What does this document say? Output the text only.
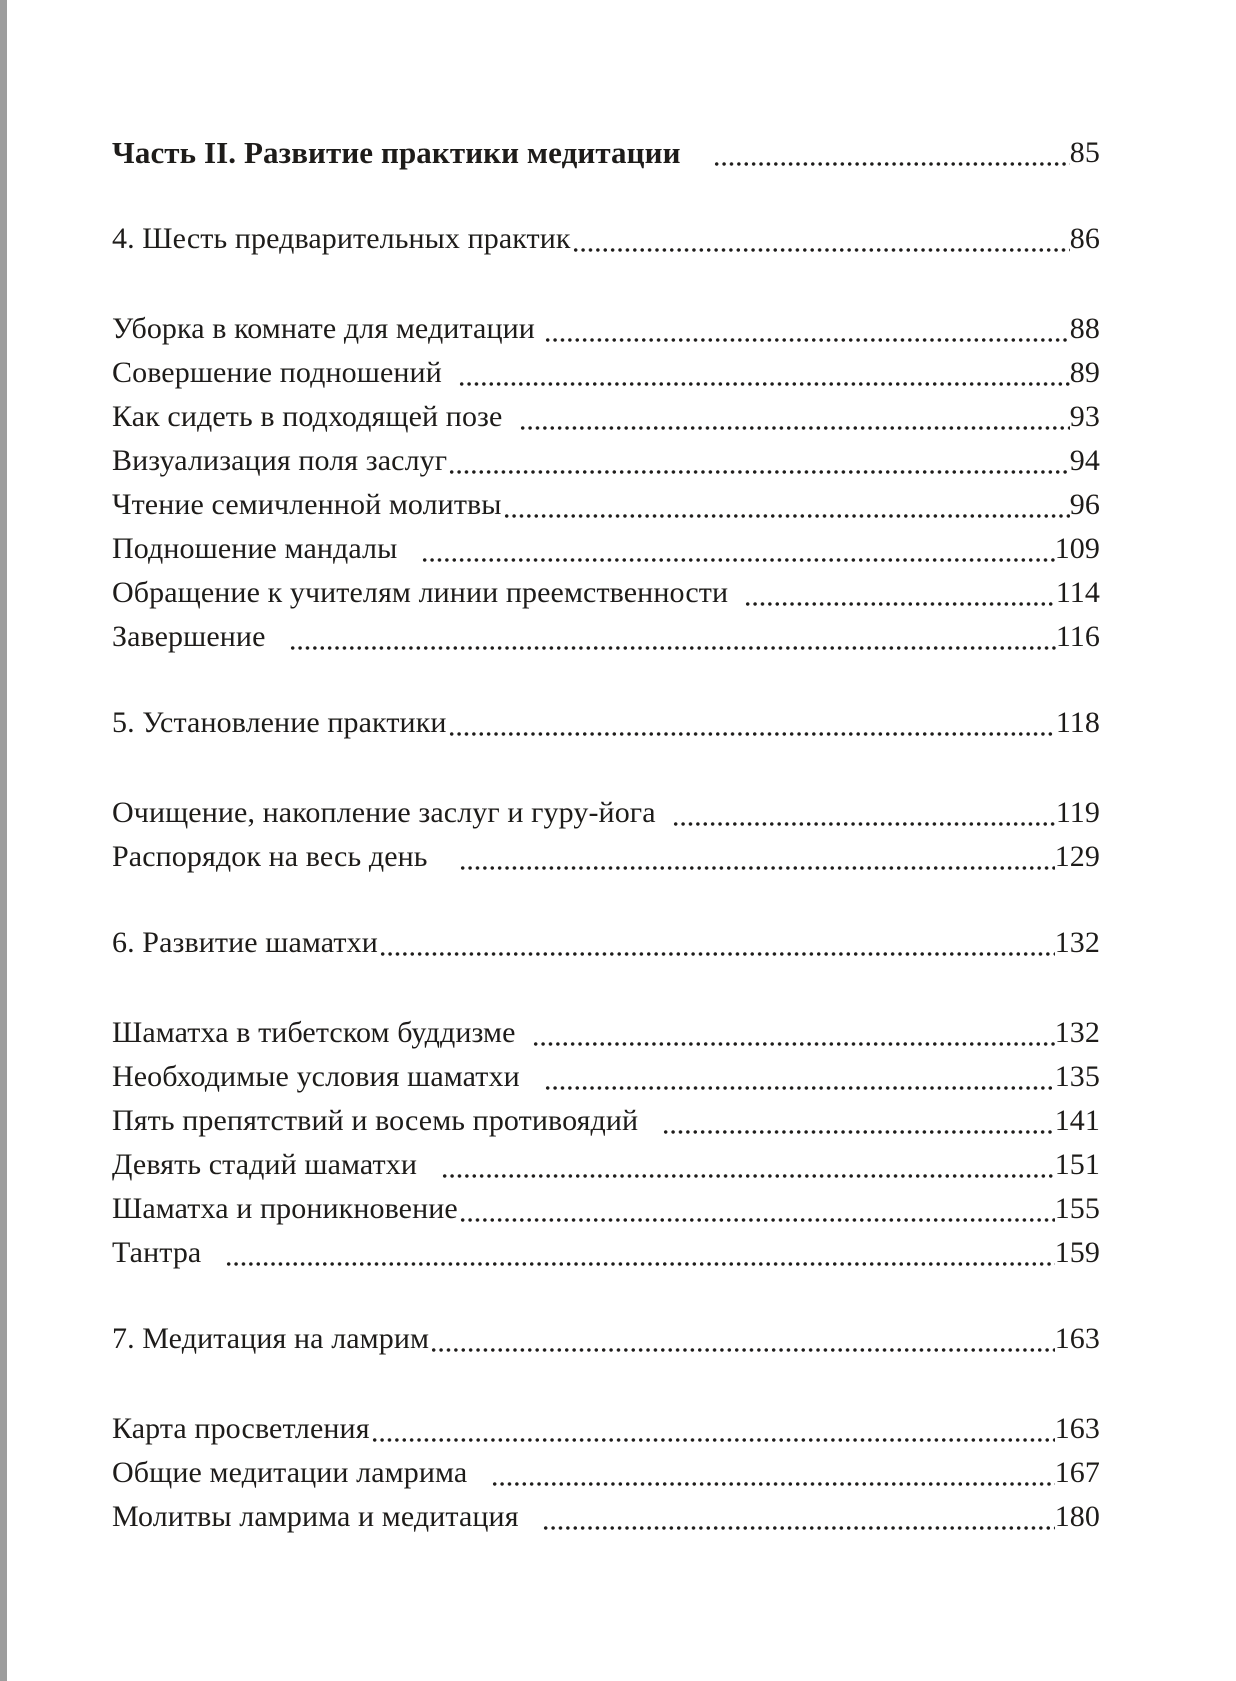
Часть II. Развитие практики медитации	85
4. Шесть предварительных практик	86
Уборка в комнате для медитации	88
Совершение подношений	89
Как сидеть в подходящей позе	93
Визуализация поля заслуг	94
Чтение семичленной молитвы	96
Подношение мандалы	109
Обращение к учителям линии преемственности	114
Завершение	116
5. Установление практики	118
Очищение, накопление заслуг и гуру-йога	119
Распорядок на весь день	129
6. Развитие шаматхи	132
Шаматха в тибетском буддизме	132
Необходимые условия шаматхи	135
Пять препятствий и восемь противоядий	141
Девять стадий шаматхи	151
Шаматха и проникновение	155
Тантра	159
7. Медитация на ламрим	163
Карта просветления	163
Общие медитации ламрима	167
Молитвы ламрима и медитация	180
